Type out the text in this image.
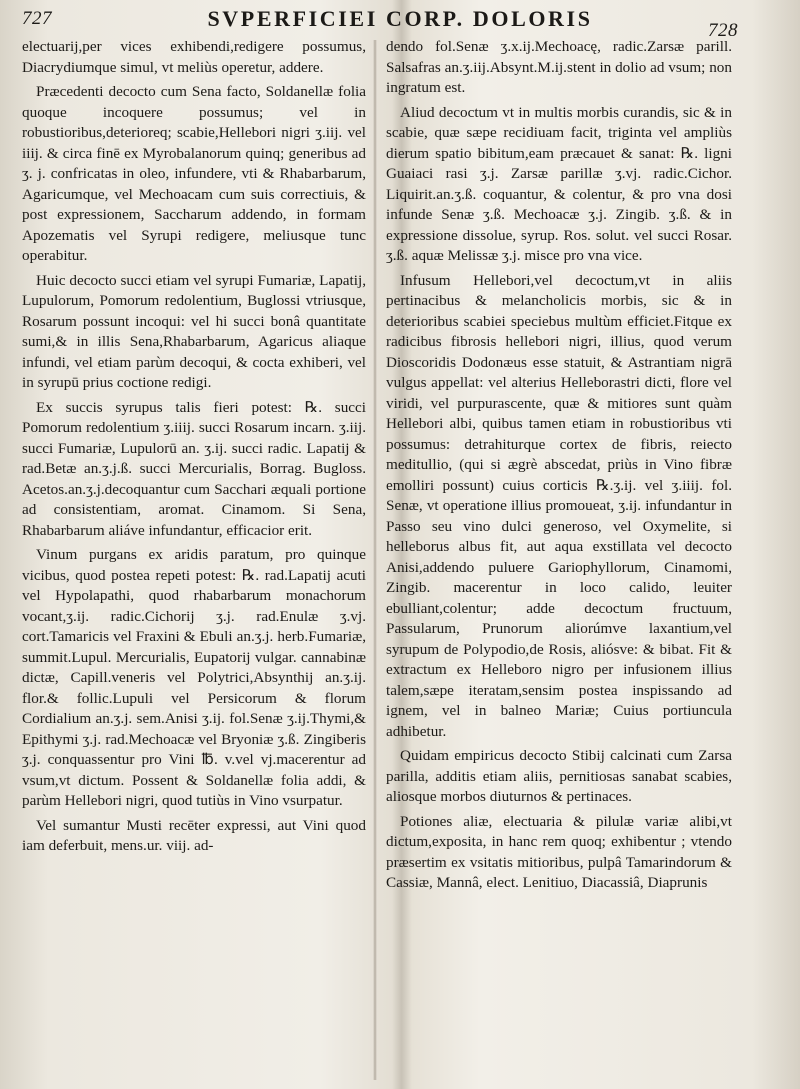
727	SVPERFICIEI CORP. DOLORIS	728

electuarij,per vices exhibendi,redigere possumus, Diacrydiumque simul, vt meliùs operetur, addere.

Præcedenti decocto cum Sena facto, Soldanellæ folia quoque incoquere possumus; vel in robustioribus,deterioreq; scabie,Hellebori nigri ʒ.iij. vel iiij. & circa finē ex Myrobalanorum quinq; generibus ad ʒ. j. confricatas in oleo, infundere, vti & Rhabarbarum, Agaricumque, vel Mechoacam cum suis correctiuis, & post expressionem, Saccharum addendo, in formam Apozematis vel Syrupi redigere, meliusque tunc operabitur.

Huic decocto succi etiam vel syrupi Fumariæ, Lapatij, Lupulorum, Pomorum redolentium, Buglossi vtriusque, Rosarum possunt incoqui: vel hi succi bonâ quantitate sumi,& in illis Sena,Rhabarbarum, Agaricus aliaque infundi, vel etiam parùm decoqui, & cocta exhiberi, vel in syrupū prius coctione redigi.

Ex succis syrupus talis fieri potest: ℞. succi Pomorum redolentium ʒ.iiij. succi Rosarum incarn. ʒ.iij. succi Fumariæ, Lupulorū an. ʒ.ij. succi radic. Lapatij & rad.Betæ an.ʒ.j.ß. succi Mercurialis, Borrag. Bugloss. Acetos.an.ʒ.j.decoquantur cum Sacchari æquali portione ad consistentiam, aromat. Cinamom. Si Sena, Rhabarbarum aliáve infundantur, efficacior erit.

Vinum purgans ex aridis paratum, pro quinque vicibus, quod postea repeti potest: ℞. rad.Lapatij acuti vel Hypolapathi, quod rhabarbarum monachorum vocant,ʒ.ij. radic.Cichorij ʒ.j. rad.Enulæ ʒ.vj. cort.Tamaricis vel Fraxini & Ebuli an.ʒ.j. herb.Fumariæ, summit.Lupul. Mercurialis, Eupatorij vulgar. cannabinæ dictæ, Capill.veneris vel Polytrici,Absynthij an.ʒ.ij. flor.& follic.Lupuli vel Persicorum & florum Cordialium an.ʒ.j. sem.Anisi ʒ.ij. fol.Senæ ʒ.ij.Thymi,& Epithymi ʒ.j. rad.Mechoacæ vel Bryoniæ ʒ.ß. Zingiberis ʒ.j. conquassentur pro Vini ℔. v.vel vj.macerentur ad vsum,vt dictum. Possent & Soldanellæ folia addi, & parùm Hellebori nigri, quod tutiùs in Vino vsurpatur.

Vel sumantur Musti recēter expressi, aut Vini quod iam deferbuit, mens.ur. viij. ad-

dendo fol.Senæ ʒ.x.ij.Mechoacę, radic.Zarsæ parill. Salsafras an.ʒ.iij.Absynt.M.ij.stent in dolio ad vsum; non ingratum est.

Aliud decoctum vt in multis morbis curandis, sic & in scabie, quæ sæpe recidiuam facit, triginta vel ampliùs dierum spatio bibitum,eam præcauet & sanat: ℞. ligni Guaiaci rasi ʒ.j. Zarsæ parillæ ʒ.vj. radic.Cichor. Liquirit.an.ʒ.ß. coquantur, & colentur, & pro vna dosi infunde Senæ ʒ.ß. Mechoacæ ʒ.j. Zingib. ʒ.ß. & in expressione dissolue, syrup. Ros. solut. vel succi Rosar. ʒ.ß. aquæ Melissæ ʒ.j. misce pro vna vice.

Infusum Hellebori,vel decoctum,vt in aliis pertinacibus & melancholicis morbis, sic & in deterioribus scabiei speciebus multùm efficiet.Fitque ex radicibus fibrosis hellebori nigri, illius, quod verum Dioscoridis Dodonæus esse statuit, & Astrantiam nigrā vulgus appellat: vel alterius Helleborastri dicti, flore vel viridi, vel purpurascente, quæ & mitiores sunt quàm Hellebori albi, quibus tamen etiam in robustioribus vti possumus: detrahiturque cortex de fibris, reiecto meditullio, (qui si ægrè abscedat, priùs in Vino fibræ emolliri possunt) cuius corticis ℞.ʒ.ij. vel ʒ.iiij. fol. Senæ, vt operatione illius promoueat, ʒ.ij. infundantur in Passo seu vino dulci generoso, vel Oxymelite, si helleborus albus fit, aut aqua exstillata vel decocto Anisi,addendo puluere Gariophyllorum, Cinamomi, Zingib. macerentur in loco calido, leuiter ebulliant,colentur; adde decoctum fructuum, Passularum, Prunorum aliorúmve laxantium,vel syrupum de Polypodio,de Rosis, aliósve: & bibat. Fit & extractum ex Helleboro nigro per infusionem illius talem,sæpe iteratam,sensim postea inspissando ad ignem, vel in balneo Mariæ; Cuius portiuncula adhibetur.

Quidam empiricus decocto Stibij calcinati cum Zarsa parilla, additis etiam aliis, pernitiosas sanabat scabies, aliosque morbos diuturnos & pertinaces.

Potiones aliæ, electuaria & pilulæ variæ alibi,vt dictum,exposita, in hanc rem quoq; exhibentur ; vtendo præsertim ex vsitatis mitioribus, pulpâ Tamarindorum & Cassiæ, Mannâ, elect. Lenitiuo, Diacassiâ, Diaprunis
